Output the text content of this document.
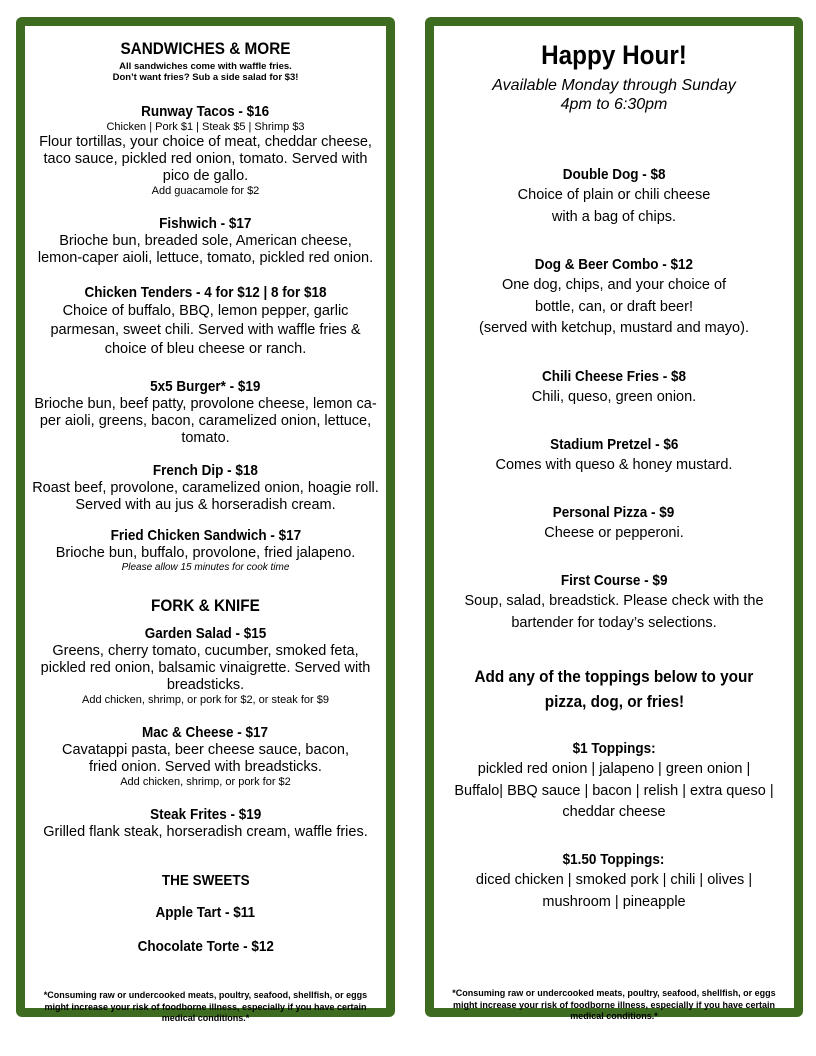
SANDWICHES & MORE
All sandwiches come with waffle fries.
Don’t want fries? Sub a side salad for $3!
Runway Tacos - $16
Chicken | Pork $1 | Steak $5 | Shrimp $3
Flour tortillas, your choice of meat, cheddar cheese,
taco sauce, pickled red onion, tomato. Served with
pico de gallo.
Add guacamole for $2
Fishwich - $17
Brioche bun, breaded sole, American cheese,
lemon-caper aioli, lettuce, tomato, pickled red onion.
Chicken Tenders - 4 for $12 | 8 for $18
Choice of buffalo, BBQ, lemon pepper, garlic
parmesan, sweet chili. Served with waffle fries &
choice of bleu cheese or ranch.
5x5 Burger* - $19
Brioche bun, beef patty, provolone cheese, lemon ca-
per aioli, greens, bacon, caramelized onion, lettuce,
tomato.
French Dip - $18
Roast beef, provolone, caramelized onion, hoagie roll.
Served with au jus & horseradish cream.
Fried Chicken Sandwich - $17
Brioche bun, buffalo, provolone, fried jalapeno.
Please allow 15 minutes for cook time
FORK & KNIFE
Garden Salad - $15
Greens, cherry tomato, cucumber, smoked feta,
pickled red onion, balsamic vinaigrette. Served with
breadsticks.
Add chicken, shrimp, or pork for $2, or steak for $9
Mac & Cheese - $17
Cavatappi pasta, beer cheese sauce, bacon,
fried onion. Served with breadsticks.
Add chicken, shrimp, or pork for $2
Steak Frites - $19
Grilled flank steak, horseradish cream, waffle fries.
THE SWEETS
Apple Tart - $11
Chocolate Torte - $12
*Consuming raw or undercooked meats, poultry, seafood, shellfish, or eggs might increase your risk of foodborne illness, especially if you have certain medical conditions.*
Happy Hour!
Available Monday through Sunday
4pm to 6:30pm
Double Dog - $8
Choice of plain or chili cheese
with a bag of chips.
Dog & Beer Combo - $12
One dog, chips, and your choice of
bottle, can, or draft beer!
(served with ketchup, mustard and mayo).
Chili Cheese Fries - $8
Chili, queso, green onion.
Stadium Pretzel - $6
Comes with queso & honey mustard.
Personal Pizza - $9
Cheese or pepperoni.
First Course - $9
Soup, salad, breadstick. Please check with the
bartender for today’s selections.
Add any of the toppings below to your
pizza, dog, or fries!
$1 Toppings:
pickled red onion | jalapeno | green onion |
Buffalo| BBQ sauce | bacon | relish | extra queso |
cheddar cheese
$1.50 Toppings:
diced chicken | smoked pork | chili | olives |
mushroom | pineapple
*Consuming raw or undercooked meats, poultry, seafood, shellfish, or eggs might increase your risk of foodborne illness, especially if you have certain medical conditions.*
